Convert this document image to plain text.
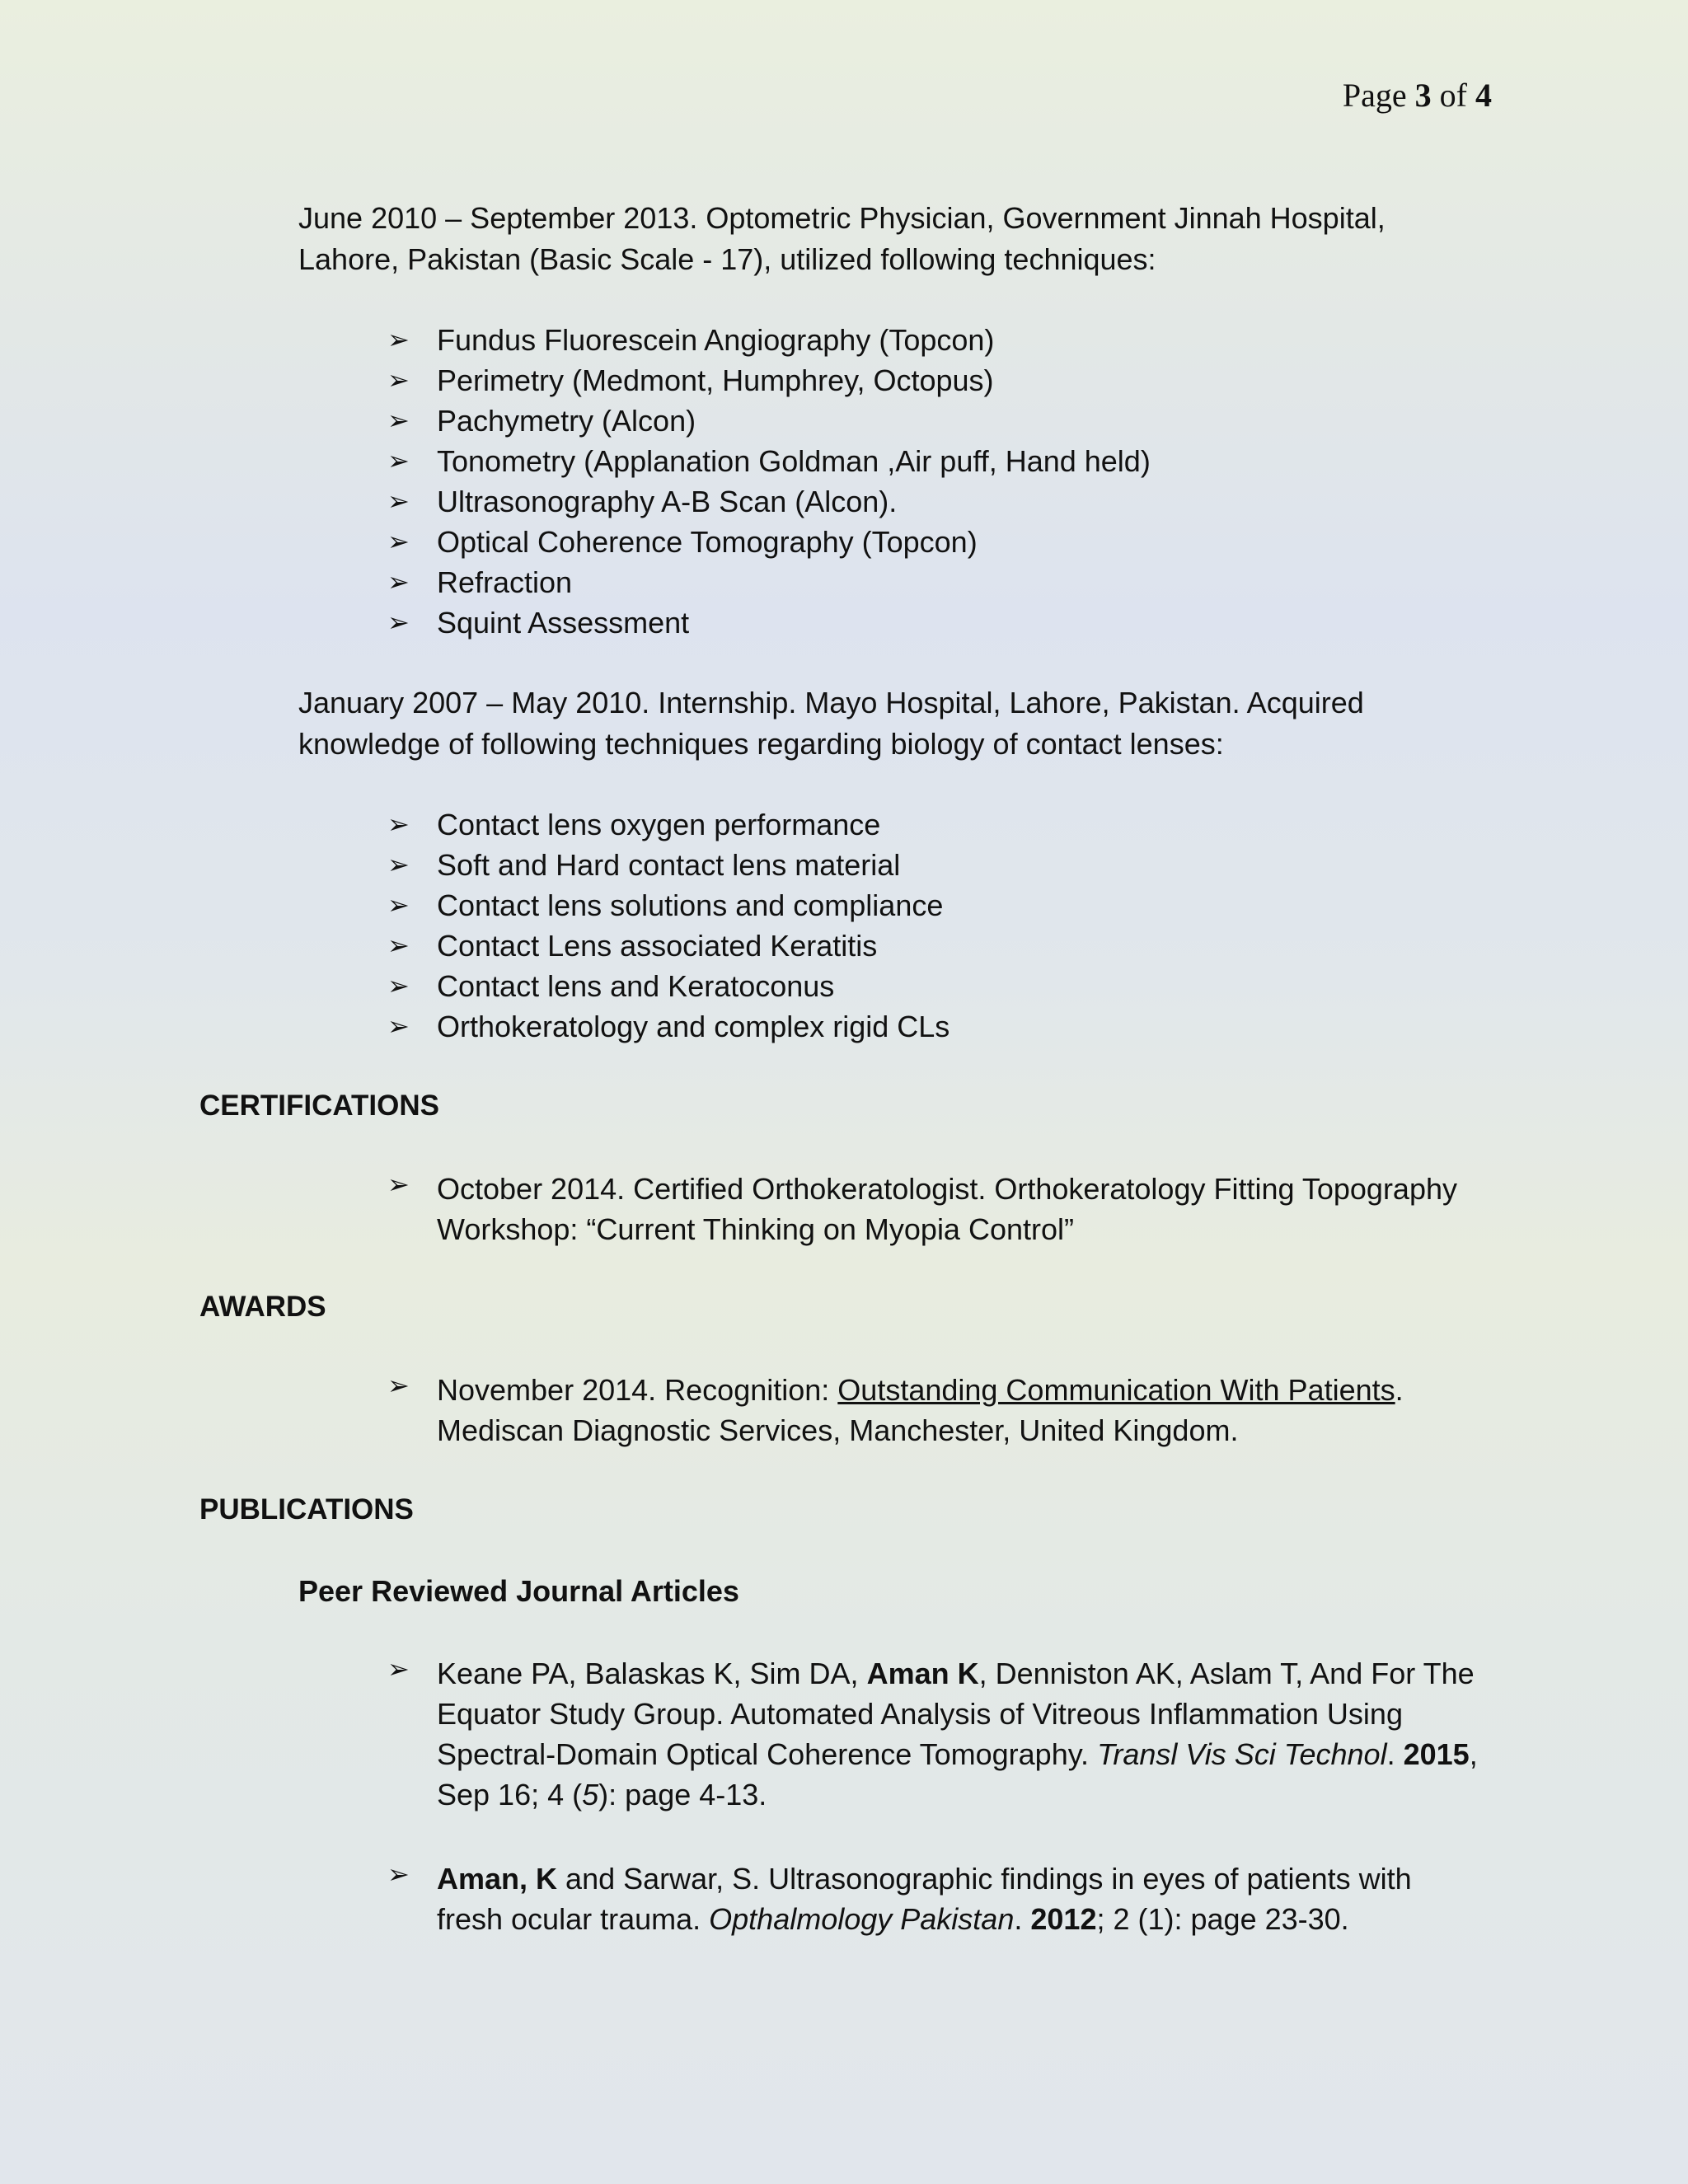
Page 3 of 4
June 2010 – September 2013. Optometric Physician, Government Jinnah Hospital, Lahore, Pakistan (Basic Scale - 17), utilized following techniques:
➢ Fundus Fluorescein Angiography (Topcon)
➢ Perimetry (Medmont, Humphrey, Octopus)
➢ Pachymetry (Alcon)
➢ Tonometry (Applanation Goldman ,Air puff, Hand held)
➢ Ultrasonography A-B Scan (Alcon).
➢ Optical Coherence Tomography (Topcon)
➢ Refraction
➢ Squint Assessment
January 2007 – May 2010. Internship. Mayo Hospital, Lahore, Pakistan. Acquired knowledge of following techniques regarding biology of contact lenses:
➢ Contact lens oxygen performance
➢ Soft and Hard contact lens material
➢ Contact lens solutions and compliance
➢ Contact Lens associated Keratitis
➢ Contact lens and Keratoconus
➢ Orthokeratology and complex rigid CLs
CERTIFICATIONS
➢ October 2014. Certified Orthokeratologist. Orthokeratology Fitting Topography Workshop: “Current Thinking on Myopia Control”
AWARDS
➢ November 2014. Recognition: Outstanding Communication With Patients. Mediscan Diagnostic Services, Manchester, United Kingdom.
PUBLICATIONS
Peer Reviewed Journal Articles
➢ Keane PA, Balaskas K, Sim DA, Aman K, Denniston AK, Aslam T, And For The Equator Study Group. Automated Analysis of Vitreous Inflammation Using Spectral-Domain Optical Coherence Tomography. Transl Vis Sci Technol. 2015, Sep 16; 4 (5): page 4-13.
➢ Aman, K and Sarwar, S. Ultrasonographic findings in eyes of patients with fresh ocular trauma. Opthalmology Pakistan. 2012; 2 (1): page 23-30.
